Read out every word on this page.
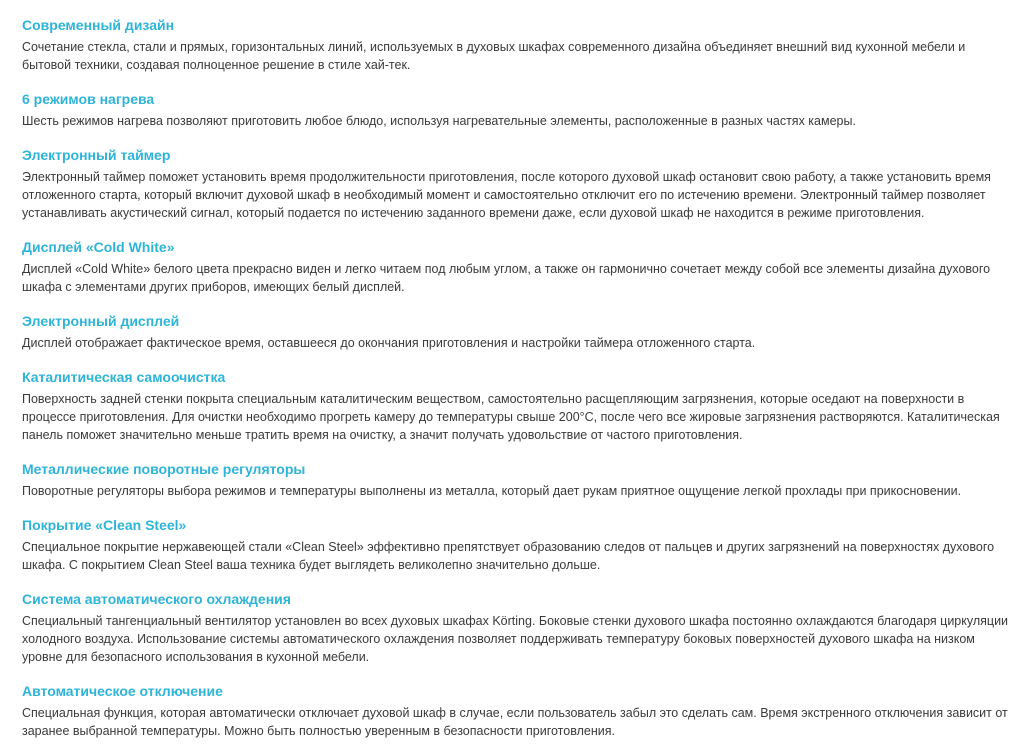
Современный дизайн

Сочетание стекла, стали и прямых, горизонтальных линий, используемых в духовых шкафах современного дизайна объединяет внешний вид кухонной мебели и бытовой техники, создавая полноценное решение в стиле хай-тек.

6 режимов нагрева

Шесть режимов нагрева позволяют приготовить любое блюдо, используя нагревательные элементы, расположенные в разных частях камеры.

Электронный таймер

Электронный таймер поможет установить время продолжительности приготовления, после которого духовой шкаф остановит свою работу, а также установить время отложенного старта, который включит духовой шкаф в необходимый момент и самостоятельно отключит его по истечению времени. Электронный таймер позволяет устанавливать акустический сигнал, который подается по истечению заданного времени даже, если духовой шкаф не находится в режиме приготовления.

Дисплей «Cold White»

Дисплей «Cold White» белого цвета прекрасно виден и легко читаем под любым углом, а также он гармонично сочетает между собой все элементы дизайна духового шкафа с элементами других приборов, имеющих белый дисплей.

Электронный дисплей

Дисплей отображает фактическое время, оставшееся до окончания приготовления и настройки таймера отложенного старта.

Каталитическая самоочистка

Поверхность задней стенки покрыта специальным каталитическим веществом, самостоятельно расщепляющим загрязнения, которые оседают на поверхности в процессе приготовления. Для очистки необходимо прогреть камеру до температуры свыше 200°C, после чего все жировые загрязнения растворяются. Каталитическая панель поможет значительно меньше тратить время на очистку, а значит получать удовольствие от частого приготовления.

Металлические поворотные регуляторы

Поворотные регуляторы выбора режимов и температуры выполнены из металла, который дает рукам приятное ощущение легкой прохлады при прикосновении.

Покрытие «Clean Steel»

Специальное покрытие нержавеющей стали «Clean Steel» эффективно препятствует образованию следов от пальцев и других загрязнений на поверхностях духового шкафа. С покрытием Clean Steel ваша техника будет выглядеть великолепно значительно дольше.

Система автоматического охлаждения

Специальный тангенциальный вентилятор установлен во всех духовых шкафах Körting. Боковые стенки духового шкафа постоянно охлаждаются благодаря циркуляции холодного воздуха. Использование системы автоматического охлаждения позволяет поддерживать температуру боковых поверхностей духового шкафа на низком уровне для безопасного использования в кухонной мебели.

Автоматическое отключение

Специальная функция, которая автоматически отключает духовой шкаф в случае, если пользователь забыл это сделать сам. Время экстренного отключения зависит от заранее выбранной температуры. Можно быть полностью уверенным в безопасности приготовления.
